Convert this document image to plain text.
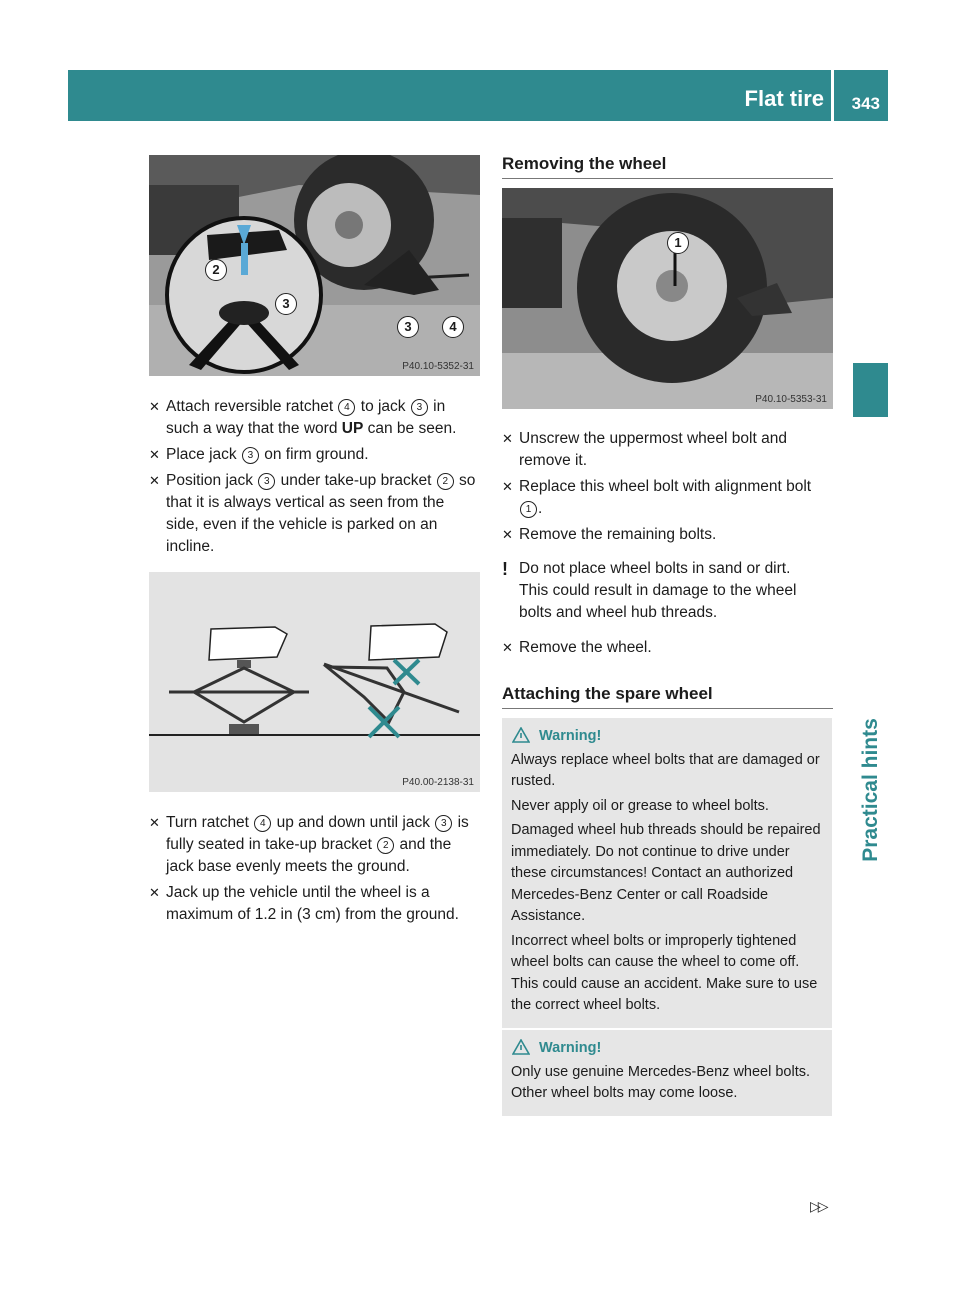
Flat tire 343
Practical hints
2
3
3	4
P40.10-5352-31
✕ Attach reversible ratchet 4 to jack 3 in such a way that the word UP can be seen.
✕ Place jack 3 on firm ground.
✕ Position jack 3 under take-up bracket 2 so that it is always vertical as seen from the side, even if the vehicle is parked on an incline.
P40.00-2138-31
✕ Turn ratchet 4 up and down until jack 3 is fully seated in take-up bracket 2 and the jack base evenly meets the ground.
✕ Jack up the vehicle until the wheel is a maximum of 1.2 in (3 cm) from the ground.
Removing the wheel
1
P40.10-5353-31
✕ Unscrew the uppermost wheel bolt and remove it.
✕ Replace this wheel bolt with alignment bolt 1 .
✕ Remove the remaining bolts.
! Do not place wheel bolts in sand or dirt. This could result in damage to the wheel bolts and wheel hub threads.

✕ Remove the wheel.
Attaching the spare wheel
Warning!

Always replace wheel bolts that are damaged or rusted.

Never apply oil or grease to wheel bolts.

Damaged wheel hub threads should be repaired immediately. Do not continue to drive under these circumstances! Contact an authorized Mercedes-Benz Center or call Roadside Assistance.

Incorrect wheel bolts or improperly tightened wheel bolts can cause the wheel to come off. This could cause an accident. Make sure to use the correct wheel bolts.

Warning!

Only use genuine Mercedes-Benz wheel bolts. Other wheel bolts may come loose.

▷▷
